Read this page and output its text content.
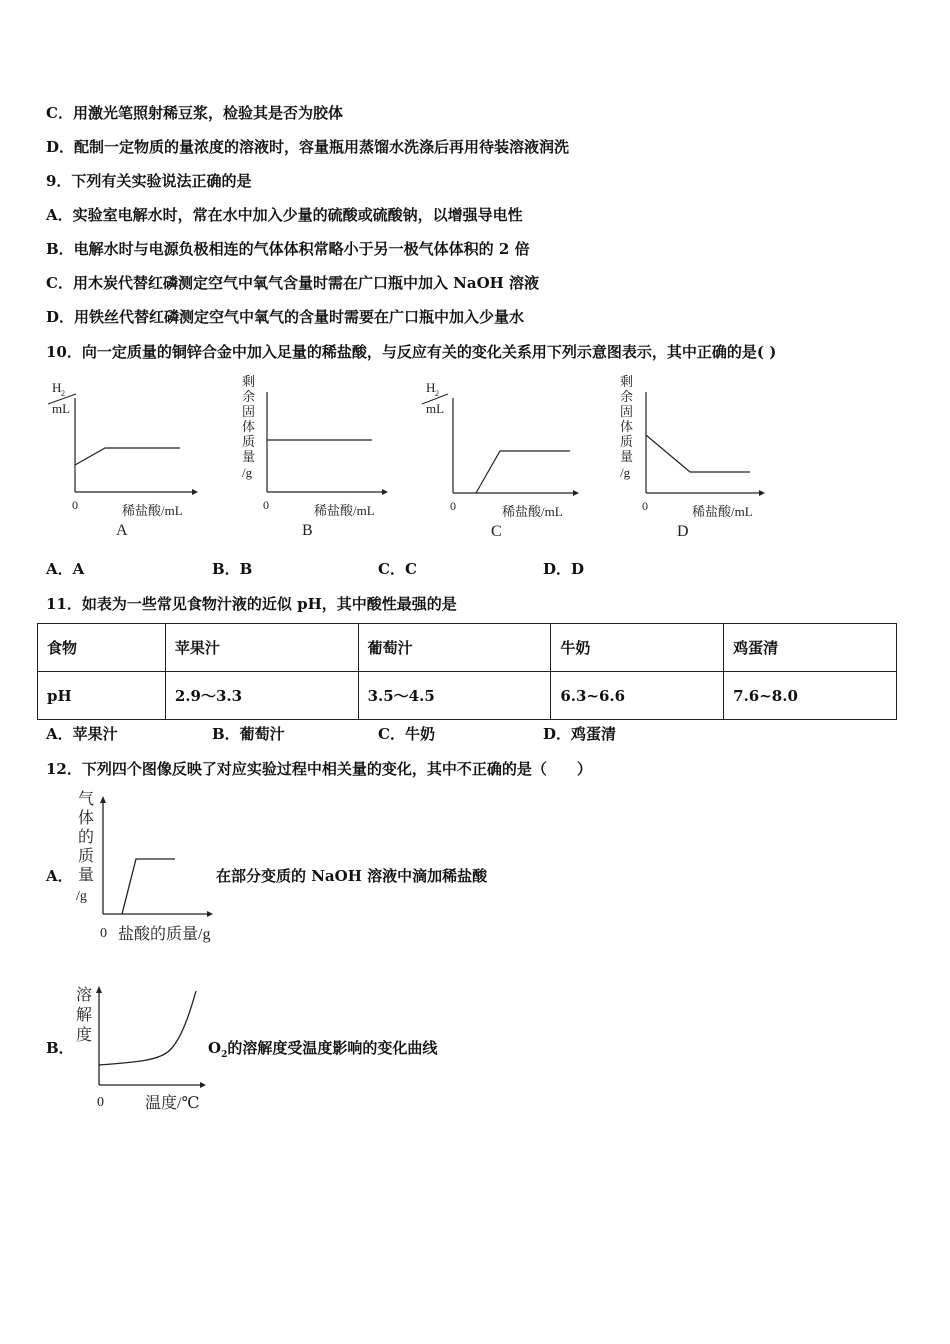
C．用激光笔照射稀豆浆，检验其是否为胶体
D．配制一定物质的量浓度的溶液时，容量瓶用蒸馏水洗涤后再用待装溶液润洗
9．下列有关实验说法正确的是
A．实验室电解水时，常在水中加入少量的硫酸或硫酸钠，以增强导电性
B．电解水时与电源负极相连的气体体积常略小于另一极气体体积的 2 倍
C．用木炭代替红磷测定空气中氧气含量时需在广口瓶中加入 NaOH 溶液
D．用铁丝代替红磷测定空气中氧气的含量时需要在广口瓶中加入少量水
10．向一定质量的铜锌合金中加入足量的稀盐酸，与反应有关的变化关系用下列示意图表示，其中正确的是( )
H 2
mL
0	稀盐酸/mL
A
剩
余
固
体
质
量
/g
0	稀盐酸/mL
B
H 2
mL
0	稀盐酸/mL
C
剩
余
固
体
质
量
/g
0	稀盐酸/mL
D
A．A	B．B	C．C	D．D
11．如表为一些常见食物汁液的近似 pH，其中酸性最强的是
食物	苹果汁	葡萄汁	牛奶	鸡蛋清
pH	2.9～3.3	3.5～4.5	6.3~6.6	7.6~8.0
A．苹果汁	B．葡萄汁	C．牛奶	D．鸡蛋清
12．下列四个图像反映了对应实验过程中相关量的变化，其中不正确的是（　　）
A．
气
体
的
质
量
/g
0 盐酸的质量/g
在部分变质的 NaOH 溶液中滴加稀盐酸
B．
溶
解
度
0	温度/℃
$O_2$的溶解度受温度影响的变化曲线
